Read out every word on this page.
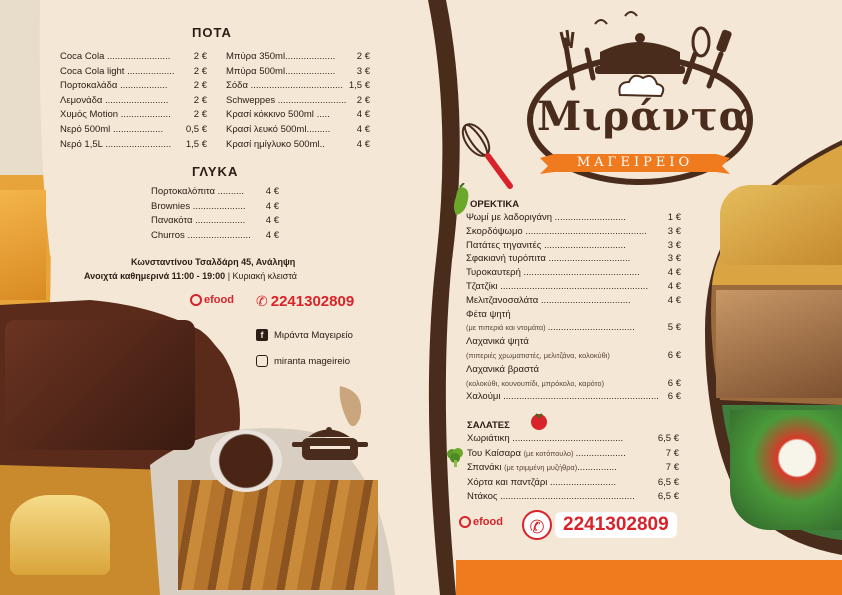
ΠΟΤΑ
Coca Cola ........................ 2 €
Coca Cola light .................. 2 €
Πορτοκαλάδα ..................	2 €
Λεμονάδα ........................	2 €
Χυμός Motion ................... 2 €
Νερό 500ml ................... 0,5 €
Νερό 1,5L ......................... 1,5 €
Μπύρα 350ml................... 2 €
Μπύρα 500ml................... 3 €
Σόδα ................................... 1,5 €
Schweppes .......................... 2 €
Κρασί κόκκινο 500ml .....	4 €
Κρασί λευκό 500ml.........	4 €
Κρασί ημίγλυκο 500ml..	4 €
ΓΛΥΚΑ
Πορτοκαλόπιτα .......... 4 €
Brownies .................... 4 €
Πανακότα ................... 4 €
Churros ........................ 4 €
Κωνσταντίνου Τσαλδάρη 45, Ανάληψη
Ανοιχτά καθημερινά 11:00 - 19:00 | Κυριακή κλειστά
efood ✆ 2241302809
f	Μιράντα Μαγειρείο
miranta mageireio
Μιράντα
ΜΑΓΕΙΡΕΙΟ
ΟΡΕΚΤΙΚΑ
Ψωμί με λαδοριγάνη ...........................	1 €
Σκορδόψωμο .............................................. 3 €
Πατάτες τηγανιτές ...............................	3 €
Σφακιανή τυρόπιτα ...............................	3 €
Τυροκαυτερή ............................................	4 €
Τζατζίκι ........................................................ 4 €
Μελιτζανοσαλάτα ..................................	4 €
Φέτα ψητή
(με πιπεριά και ντομάτα) .................................	5 €
Λαχανικά ψητά
(πιπεριές χρωματιστές, μελιτζάνα, κολοκύθι)	6 €
Λαχανικά βραστά
(κολοκύθι, κουνουπίδι, μπρόκολο, καρότο)	6 €
Χαλούμι ........................................................... 6 €
ΣΑΛΑΤΕΣ
Χωριάτικη ..........................................	6,5 €
Του Καίσαρα (με κοτόπουλο) ...................	7 €
Σπανάκι (με τριμμένη μυζήθρα)...............	7 €
Χόρτα και παντζάρι .........................	6,5 €
Ντάκος ................................................... 6,5 €
efood	✆ 2241302809
